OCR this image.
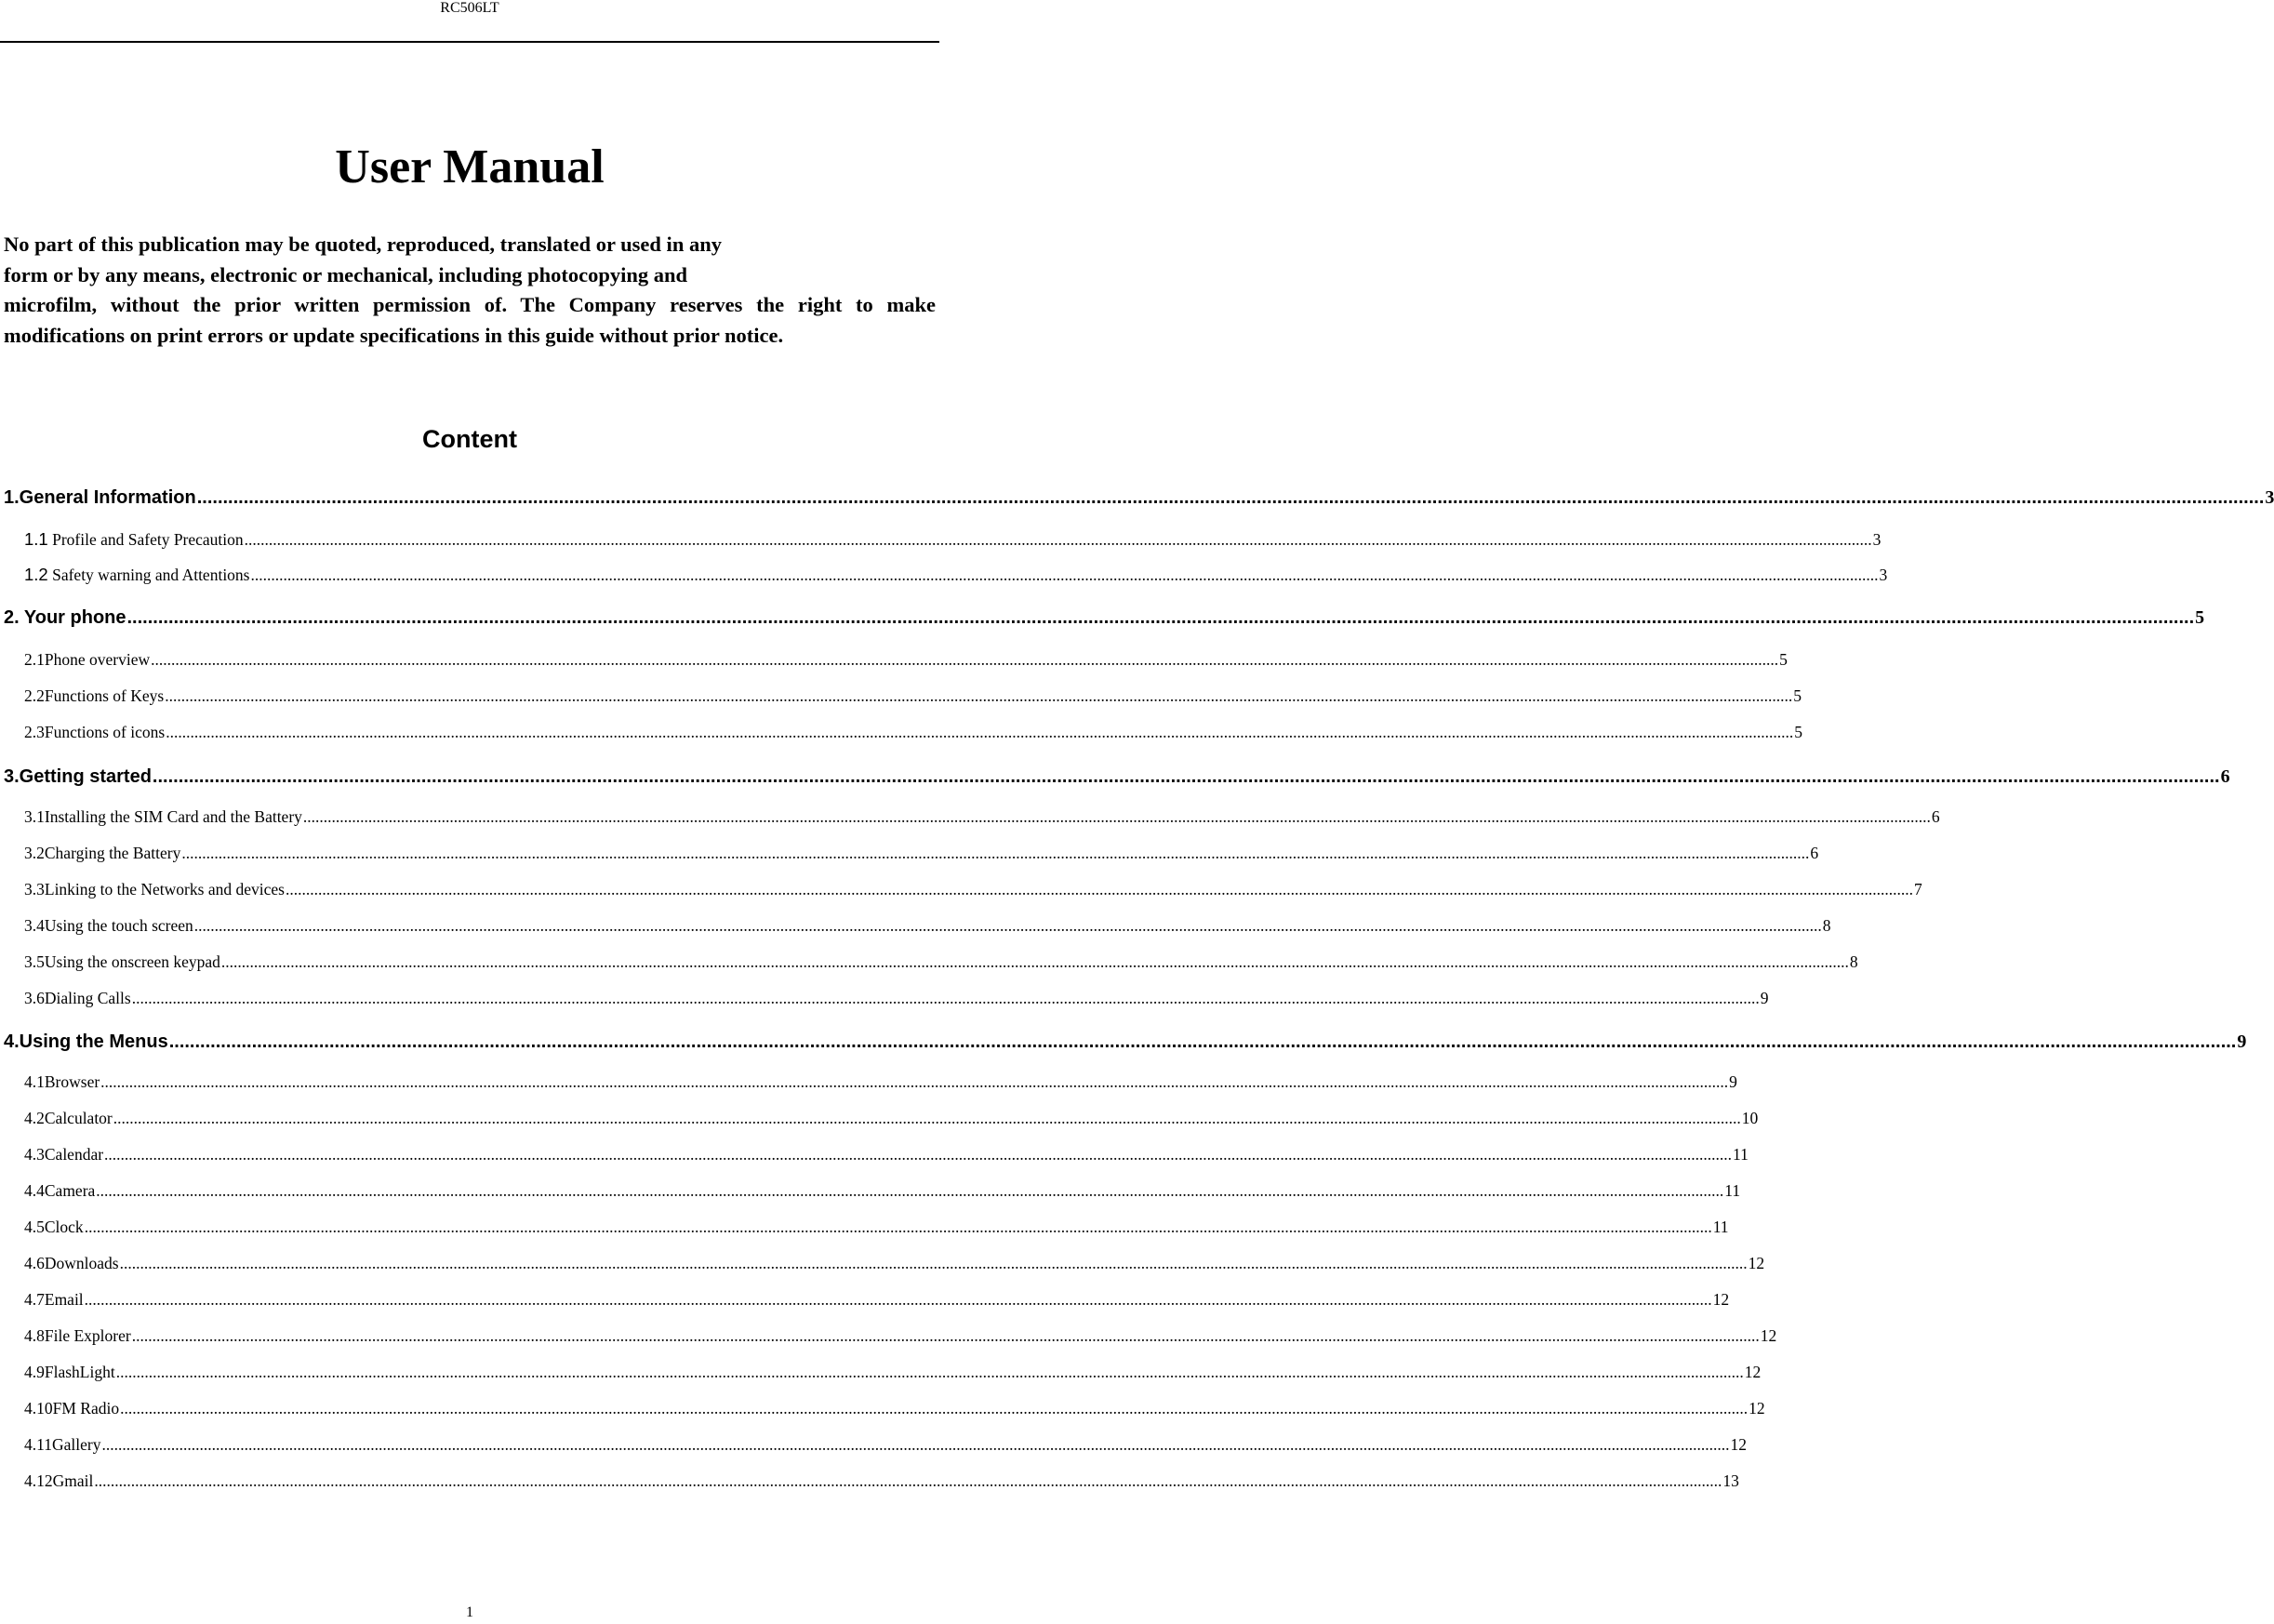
RC506LT
User Manual
No part of this publication may be quoted, reproduced, translated or used in any
form or by any means, electronic or mechanical, including photocopying and
microfilm, without the prior written permission of. The Company reserves the right to make
modifications on print errors or update specifications in this guide without prior notice.
Content
1.General Information ................................................................................................................................................................................................................................................................................................................................................................................................................ 3
1.1 Profile and Safety Precaution ................................................................................................................................................................................................................................................................................................................................................................................................................ 3
1.2 Safety warning and Attentions ................................................................................................................................................................................................................................................................................................................................................................................................................ 3
2. Your phone ................................................................................................................................................................................................................................................................................................................................................................................................................ 5
2.1Phone overview ................................................................................................................................................................................................................................................................................................................................................................................................................ 5
2.2Functions of Keys ................................................................................................................................................................................................................................................................................................................................................................................................................ 5
2.3Functions of icons ................................................................................................................................................................................................................................................................................................................................................................................................................ 5
3.Getting started ................................................................................................................................................................................................................................................................................................................................................................................................................ 6
3.1Installing the SIM Card and the Battery ................................................................................................................................................................................................................................................................................................................................................................................................................ 6
3.2Charging the Battery ................................................................................................................................................................................................................................................................................................................................................................................................................ 6
3.3Linking to the Networks and devices ................................................................................................................................................................................................................................................................................................................................................................................................................ 7
3.4Using the touch screen ................................................................................................................................................................................................................................................................................................................................................................................................................ 8
3.5Using the onscreen keypad ................................................................................................................................................................................................................................................................................................................................................................................................................ 8
3.6Dialing Calls ................................................................................................................................................................................................................................................................................................................................................................................................................ 9
4.Using the Menus ................................................................................................................................................................................................................................................................................................................................................................................................................ 9
4.1Browser ................................................................................................................................................................................................................................................................................................................................................................................................................ 9
4.2Calculator ................................................................................................................................................................................................................................................................................................................................................................................................................ 10
4.3Calendar ................................................................................................................................................................................................................................................................................................................................................................................................................ 11
4.4Camera ................................................................................................................................................................................................................................................................................................................................................................................................................ 11
4.5Clock ................................................................................................................................................................................................................................................................................................................................................................................................................ 11
4.6Downloads ................................................................................................................................................................................................................................................................................................................................................................................................................ 12
4.7Email ................................................................................................................................................................................................................................................................................................................................................................................................................ 12
4.8File Explorer ................................................................................................................................................................................................................................................................................................................................................................................................................ 12
4.9FlashLight ................................................................................................................................................................................................................................................................................................................................................................................................................ 12
4.10FM Radio ................................................................................................................................................................................................................................................................................................................................................................................................................ 12
4.11Gallery ................................................................................................................................................................................................................................................................................................................................................................................................................ 12
4.12Gmail ................................................................................................................................................................................................................................................................................................................................................................................................................ 13
1
